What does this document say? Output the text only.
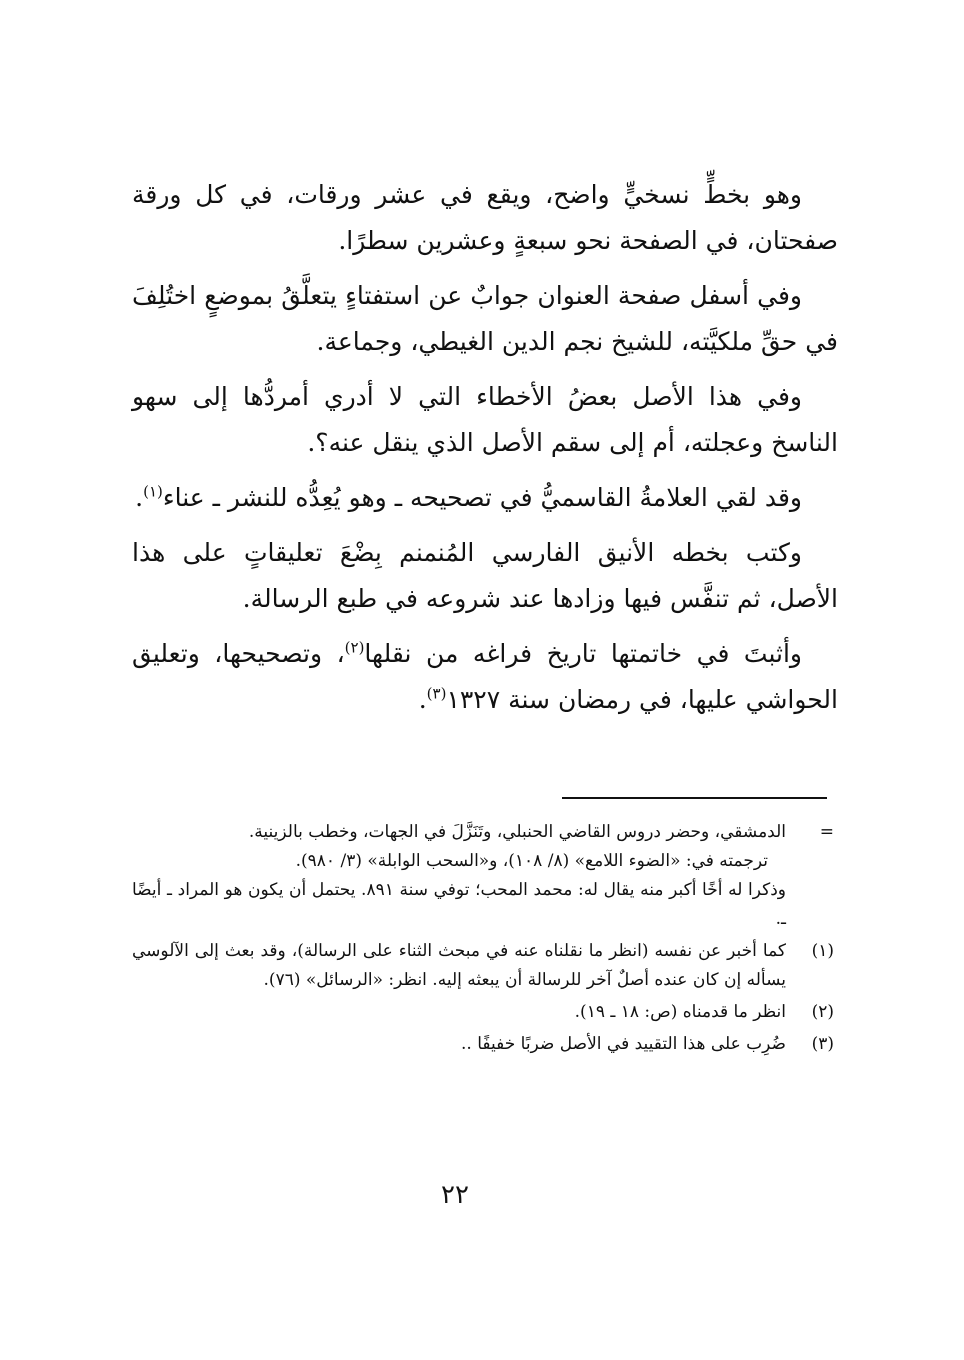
وهو بخطٍّ نسخيٍّ واضح، ويقع في عشر ورقات، في كل ورقة صفحتان، في الصفحة نحو سبعةٍ وعشرين سطرًا.

وفي أسفل صفحة العنوان جوابٌ عن استفتاءٍ يتعلَّقُ بموضعٍ اختُلِفَ في حقِّ ملكيَّته، للشيخ نجم الدين الغيطي، وجماعة.

وفي هذا الأصل بعضُ الأخطاء التي لا أدري أمردُّها إلى سهو الناسخ وعجلته، أم إلى سقم الأصل الذي ينقل عنه؟.

وقد لقي العلامةُ القاسميُّ في تصحيحه ـ وهو يُعِدُّه للنشر ـ عناء$^{(١)}$.

وكتب بخطه الأنيق الفارسي المُنمنم بِضْعَ تعليقاتٍ على هذا الأصل، ثم تنفَّس فيها وزادها عند شروعه في طبع الرسالة.

وأثبتَ في خاتمتها تاريخ فراغه من نقلها$^{(٢)}$، وتصحيحها، وتعليق الحواشي عليها، في رمضان سنة ١٣٢٧$^{(٣)}$.

=
الدمشقي، وحضر دروس القاضي الحنبلي، وتَنَزَّلَ في الجهات، وخطب بالزينية.
ترجمته في: «الضوء اللامع» (٨/ ١٠٨)، و«السحب الوابلة» (٣/ ٩٨٠).
وذكرا له أخًا أكبر منه يقال له: محمد المحب؛ توفي سنة ٨٩١. يحتمل أن يكون هو المراد ـ أيضًا ـ.
(١)
كما أخبر عن نفسه (انظر ما نقلناه عنه في مبحث الثناء على الرسالة)، وقد بعث إلى الآلوسي يسأله إن كان عنده أصلٌ آخر للرسالة أن يبعثه إليه. انظر: «الرسائل» (٧٦).
(٢)
انظر ما قدمناه (ص: ١٨ ـ ١٩).
(٣)
ضُرِب على هذا التقييد في الأصل ضربًا خفيفًا ..
٢٢
